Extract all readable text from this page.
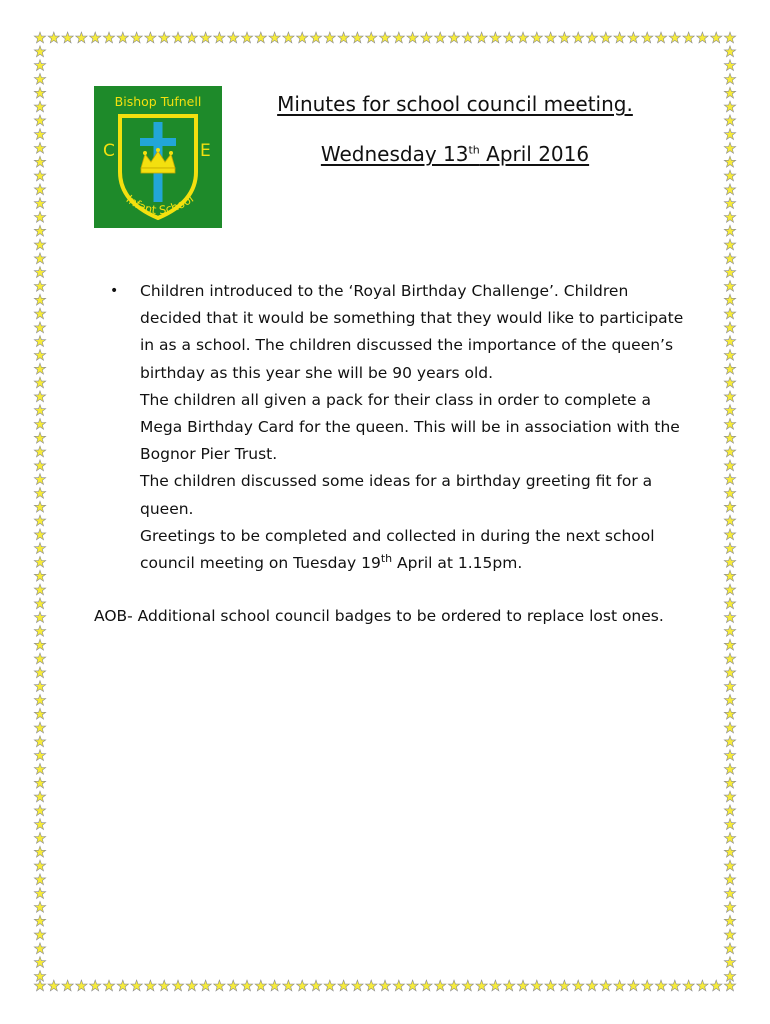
Bishop Tufnell
C	E
Infant School

Minutes for school council meeting.

Wednesday 13th April 2016

•	Children introduced to the ‘Royal Birthday Challenge’. Children decided that it would be something that they would like to participate in as a school. The children discussed the importance of the queen’s birthday as this year she will be 90 years old.

The children all given a pack for their class in order to complete a Mega Birthday Card for the queen. This will be in association with the Bognor Pier Trust.

The children discussed some ideas for a birthday greeting fit for a queen.

Greetings to be completed and collected in during the next school council meeting on Tuesday 19th April at 1.15pm.

AOB- Additional school council badges to be ordered to replace lost ones.
